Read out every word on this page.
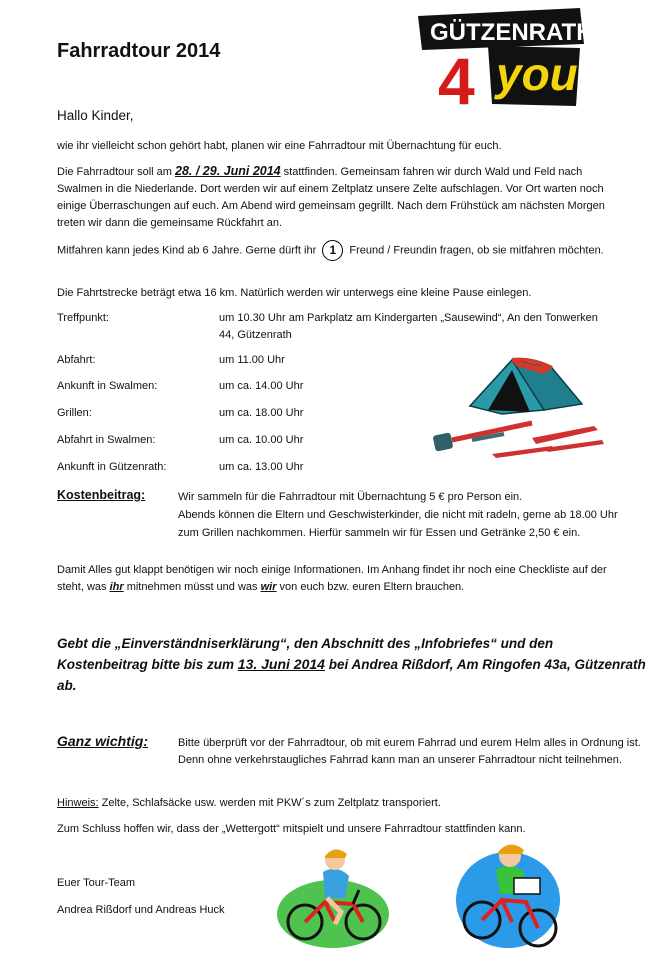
GÜTZENRATH
4 you
Fahrradtour 2014
Hallo Kinder,
wie ihr vielleicht schon gehört habt, planen wir eine Fahrradtour mit Übernachtung für euch.
Die Fahrradtour soll am 28. / 29. Juni 2014 stattfinden. Gemeinsam fahren wir durch Wald und Feld nach Swalmen in die Niederlande. Dort werden wir auf einem Zeltplatz unsere Zelte aufschlagen. Vor Ort warten noch einige Überraschungen auf euch. Am Abend wird gemeinsam gegrillt. Nach dem Frühstück am nächsten Morgen treten wir dann die gemeinsame Rückfahrt an.
Mitfahren kann jedes Kind ab 6 Jahre. Gerne dürft ihr 1 Freund / Freundin fragen, ob sie mitfahren möchten.
Die Fahrtstrecke beträgt etwa 16 km. Natürlich werden wir unterwegs eine kleine Pause einlegen.
Treffpunkt:	um 10.30 Uhr am Parkplatz am Kindergarten „Sausewind“, An den Tonwerken 44, Gützenrath
Abfahrt:	um 11.00 Uhr
Ankunft in Swalmen:	um ca. 14.00 Uhr
Grillen:	um ca. 18.00 Uhr
Abfahrt in Swalmen:	um ca. 10.00 Uhr
Ankunft in Gützenrath:	um ca. 13.00 Uhr
Kostenbeitrag:	Wir sammeln für die Fahrradtour mit Übernachtung 5 € pro Person ein.
Abends können die Eltern und Geschwisterkinder, die nicht mit radeln, gerne ab 18.00 Uhr zum Grillen nachkommen. Hierfür sammeln wir für Essen und Getränke 2,50 € ein.
Damit Alles gut klappt benötigen wir noch einige Informationen. Im Anhang findet ihr noch eine Checkliste auf der steht, was ihr mitnehmen müsst und was wir von euch bzw. euren Eltern brauchen.
Gebt die „Einverständniserklärung“, den Abschnitt des „Infobriefes“ und den Kostenbeitrag bitte bis zum 13. Juni 2014 bei Andrea Rißdorf, Am Ringofen 43a, Gützenrath ab.
Ganz wichtig:	Bitte überprüft vor der Fahrradtour, ob mit eurem Fahrrad und eurem Helm alles in Ordnung ist. Denn ohne verkehrstaugliches Fahrrad kann man an unserer Fahrradtour nicht teilnehmen.
Hinweis: Zelte, Schlafsäcke usw. werden mit PKW´s zum Zeltplatz transporiert.
Zum Schluss hoffen wir, dass der „Wettergott“ mitspielt und unsere Fahrradtour stattfinden kann.
Euer Tour-Team
Andrea Rißdorf und Andreas Huck
